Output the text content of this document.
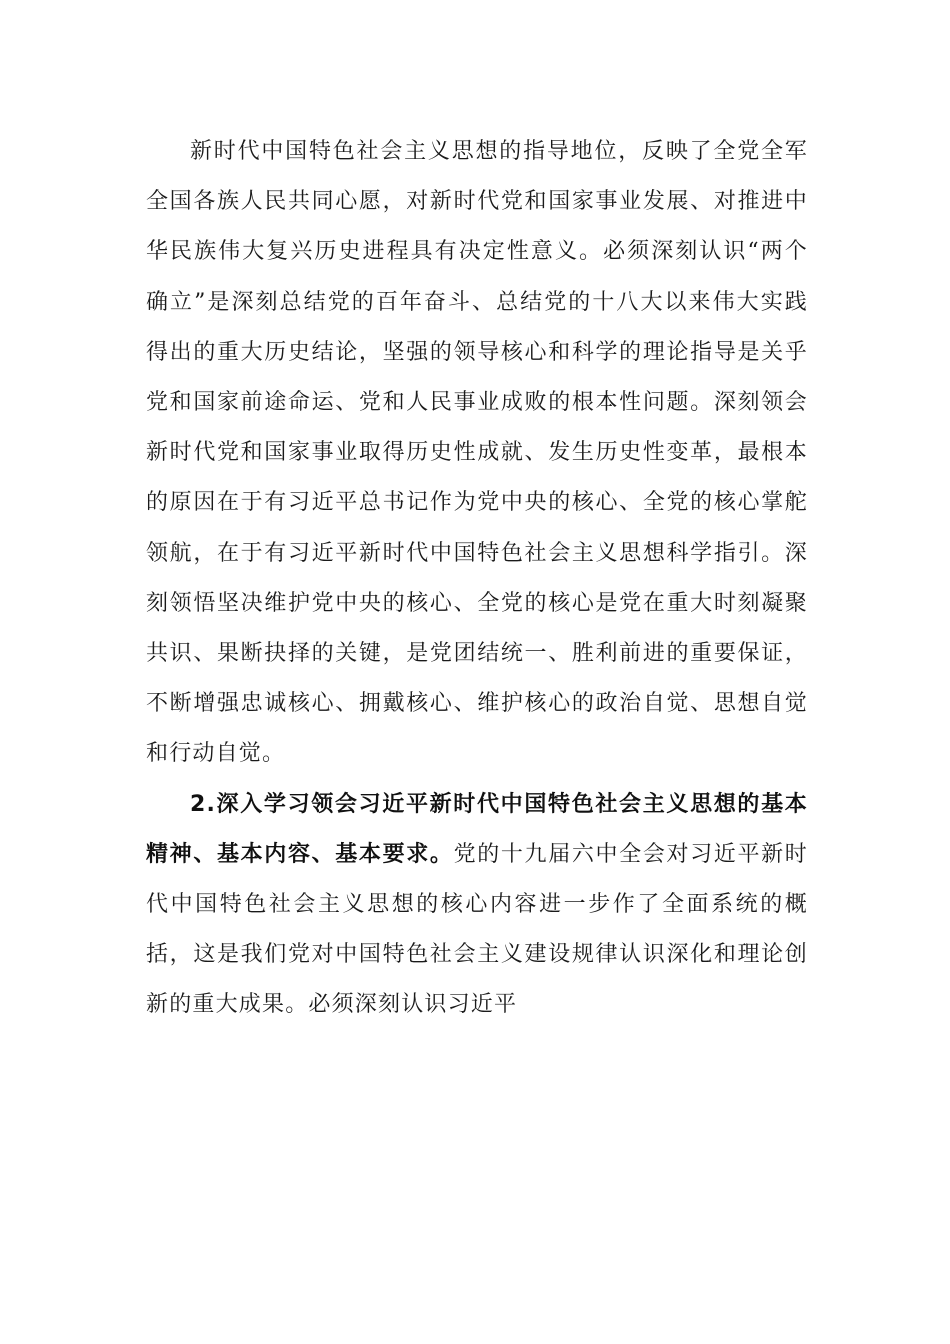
新时代中国特色社会主义思想的指导地位，反映了全党全军全国各族人民共同心愿，对新时代党和国家事业发展、对推进中华民族伟大复兴历史进程具有决定性意义。必须深刻认识“两个确立”是深刻总结党的百年奋斗、总结党的十八大以来伟大实践得出的重大历史结论，坚强的领导核心和科学的理论指导是关乎党和国家前途命运、党和人民事业成败的根本性问题。深刻领会新时代党和国家事业取得历史性成就、发生历史性变革，最根本的原因在于有习近平总书记作为党中央的核心、全党的核心掌舵领航，在于有习近平新时代中国特色社会主义思想科学指引。深刻领悟坚决维护党中央的核心、全党的核心是党在重大时刻凝聚共识、果断抉择的关键，是党团结统一、胜利前进的重要保证，不断增强忠诚核心、拥戴核心、维护核心的政治自觉、思想自觉和行动自觉。

2.深入学习领会习近平新时代中国特色社会主义思想的基本精神、基本内容、基本要求。党的十九届六中全会对习近平新时代中国特色社会主义思想的核心内容进一步作了全面系统的概括，这是我们党对中国特色社会主义建设规律认识深化和理论创新的重大成果。必须深刻认识习近平
